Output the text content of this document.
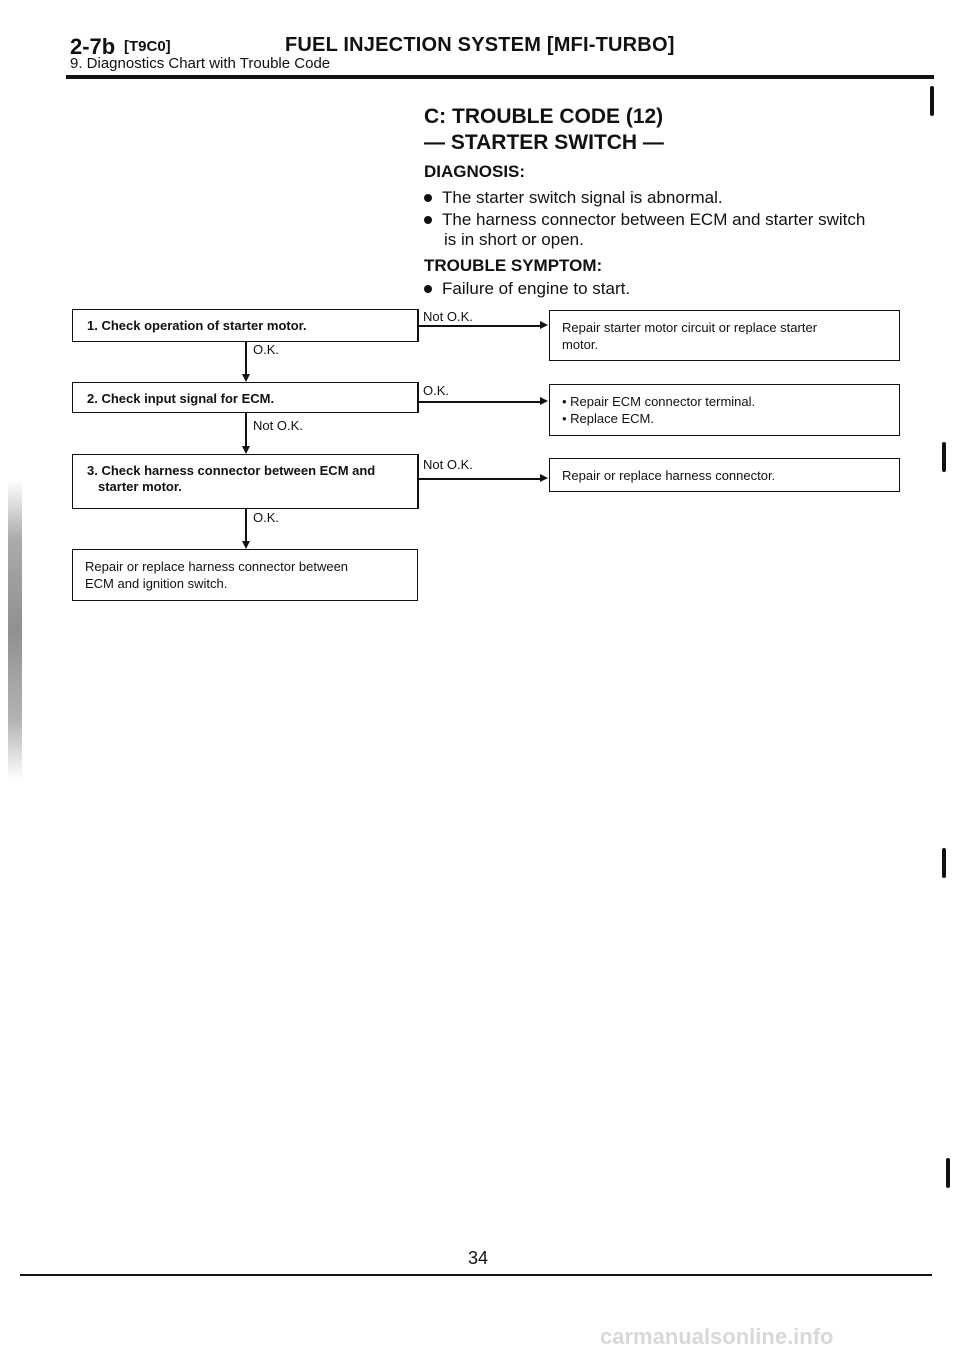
2-7b [T9C0]	FUEL INJECTION SYSTEM [MFI-TURBO]
9. Diagnostics Chart with Trouble Code
C: TROUBLE CODE (12)
— STARTER SWITCH —
DIAGNOSIS:
The starter switch signal is abnormal.
The harness connector between ECM and starter switch
is in short or open.
TROUBLE SYMPTOM:
Failure of engine to start.
1. Check operation of starter motor.
Not O.K.
Repair starter motor circuit or replace starter
motor.
O.K.
2. Check input signal for ECM.
O.K.
• Repair ECM connector terminal.
• Replace ECM.
Not O.K.
3. Check harness connector between ECM and
starter motor.
Not O.K.
Repair or replace harness connector.
O.K.
Repair or replace harness connector between
ECM and ignition switch.
34
carmanualsonline.info
